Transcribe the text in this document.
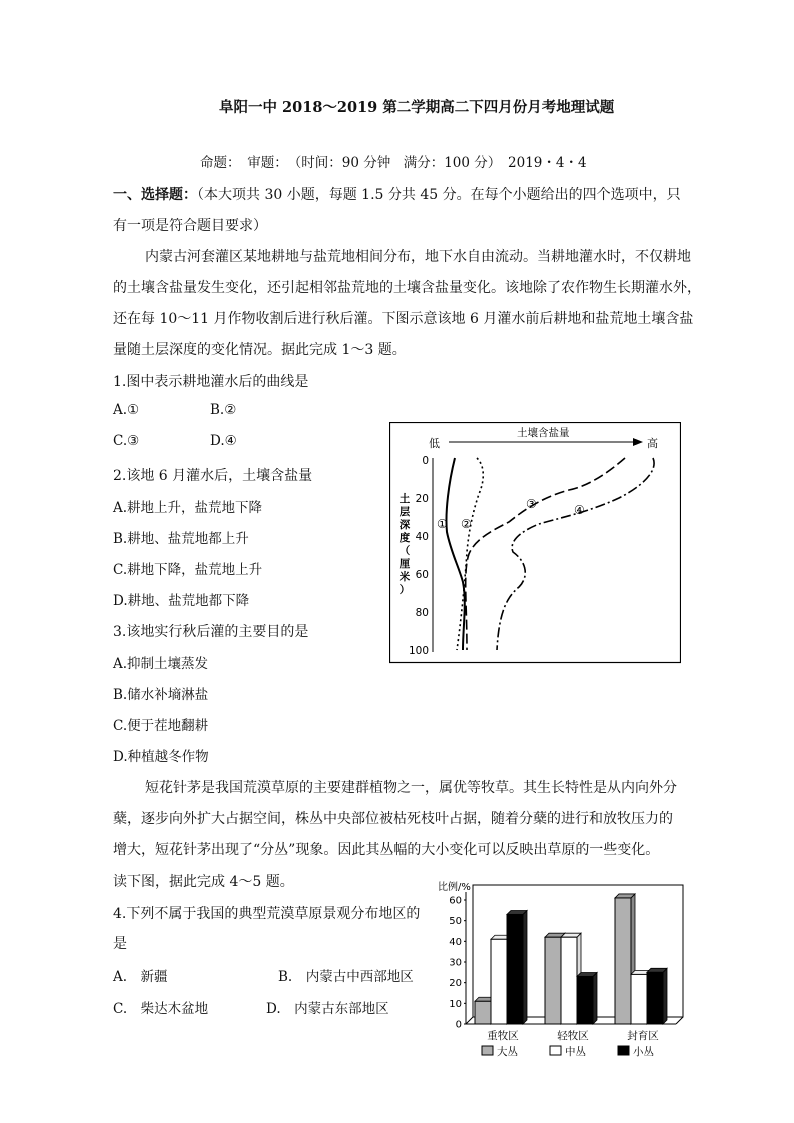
阜阳一中 2018～2019 第二学期高二下四月份月考地理试题
命题：　审题：　（时间：90 分钟　满分：100 分）　2019・4・4
一、选择题：（本大项共 30 小题，每题 1.5 分共 45 分。在每个小题给出的四个选项中，只
有一项是符合题目要求）
内蒙古河套灌区某地耕地与盐荒地相间分布，地下水自由流动。当耕地灌水时，不仅耕地
的土壤含盐量发生变化，还引起相邻盐荒地的土壤含盐量变化。该地除了农作物生长期灌水外，
还在每 10～11 月作物收割后进行秋后灌。下图示意该地 6 月灌水前后耕地和盐荒地土壤含盐
量随土层深度的变化情况。据此完成 1～3 题。
1.图中表示耕地灌水后的曲线是
A.①	B.②
C.③	D.④
2.该地 6 月灌水后，土壤含盐量
A.耕地上升，盐荒地下降
B.耕地、盐荒地都上升
C.耕地下降，盐荒地上升
D.耕地、盐荒地都下降
3.该地实行秋后灌的主要目的是
A.抑制土壤蒸发
B.储水补墒淋盐
C.便于茬地翻耕
D.种植越冬作物
短花针茅是我国荒漠草原的主要建群植物之一，属优等牧草。其生长特性是从内向外分
蘖，逐步向外扩大占据空间，株丛中央部位被枯死枝叶占据，随着分蘖的进行和放牧压力的
增大，短花针茅出现了“分丛”现象。因此其丛幅的大小变化可以反映出草原的一些变化。
读下图，据此完成 4～5 题。
4.下列不属于我国的典型荒漠草原景观分布地区的
是
A.　新疆	B.　内蒙古中西部地区
C.　柴达木盆地	D.　内蒙古东部地区
低	高
土壤含盐量
0
20
40
60
80
100
土
层
深
度
（
厘
米
）
① ②
③	④
比例/%
0
10
20
30
40
50
60
重牧区	轻牧区	封育区
大丛	中丛	小丛
